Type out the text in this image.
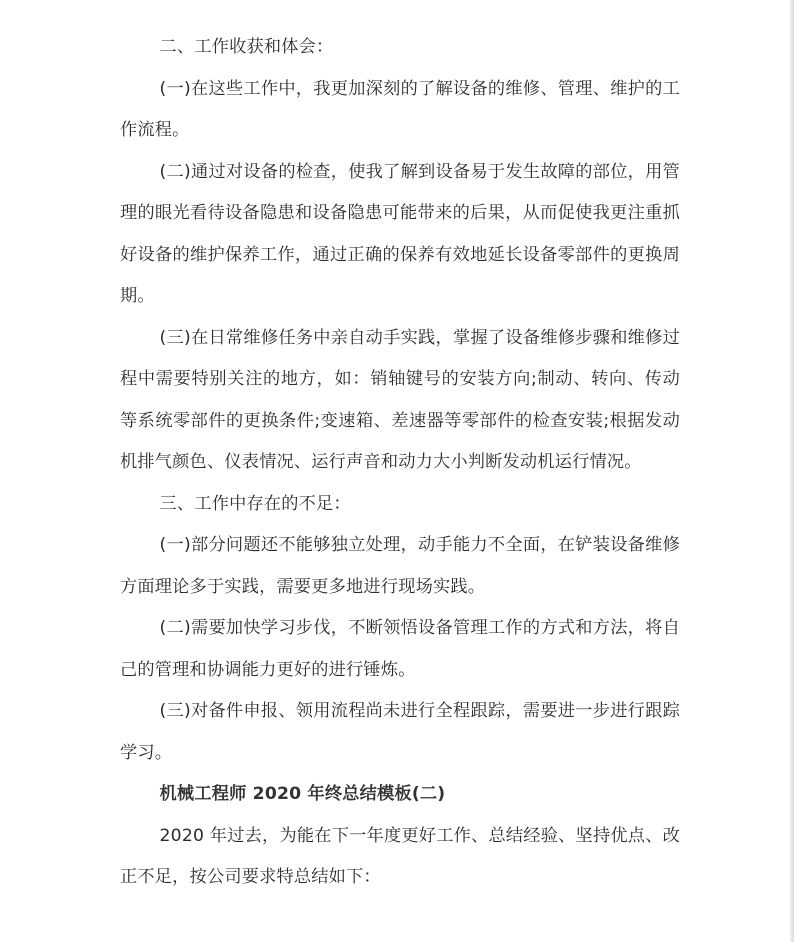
二、工作收获和体会：

(一)在这些工作中，我更加深刻的了解设备的维修、管理、维护的工作流程。

(二)通过对设备的检查，使我了解到设备易于发生故障的部位，用管理的眼光看待设备隐患和设备隐患可能带来的后果，从而促使我更注重抓好设备的维护保养工作，通过正确的保养有效地延长设备零部件的更换周期。

(三)在日常维修任务中亲自动手实践，掌握了设备维修步骤和维修过程中需要特别关注的地方，如：销轴键号的安装方向;制动、转向、传动等系统零部件的更换条件;变速箱、差速器等零部件的检查安装;根据发动机排气颜色、仪表情况、运行声音和动力大小判断发动机运行情况。

三、工作中存在的不足：

(一)部分问题还不能够独立处理，动手能力不全面，在铲装设备维修方面理论多于实践，需要更多地进行现场实践。

(二)需要加快学习步伐，不断领悟设备管理工作的方式和方法，将自己的管理和协调能力更好的进行锤炼。

(三)对备件申报、领用流程尚未进行全程跟踪，需要进一步进行跟踪学习。

机械工程师 2020 年终总结模板(二)

2020 年过去，为能在下一年度更好工作、总结经验、坚持优点、改正不足，按公司要求特总结如下：
